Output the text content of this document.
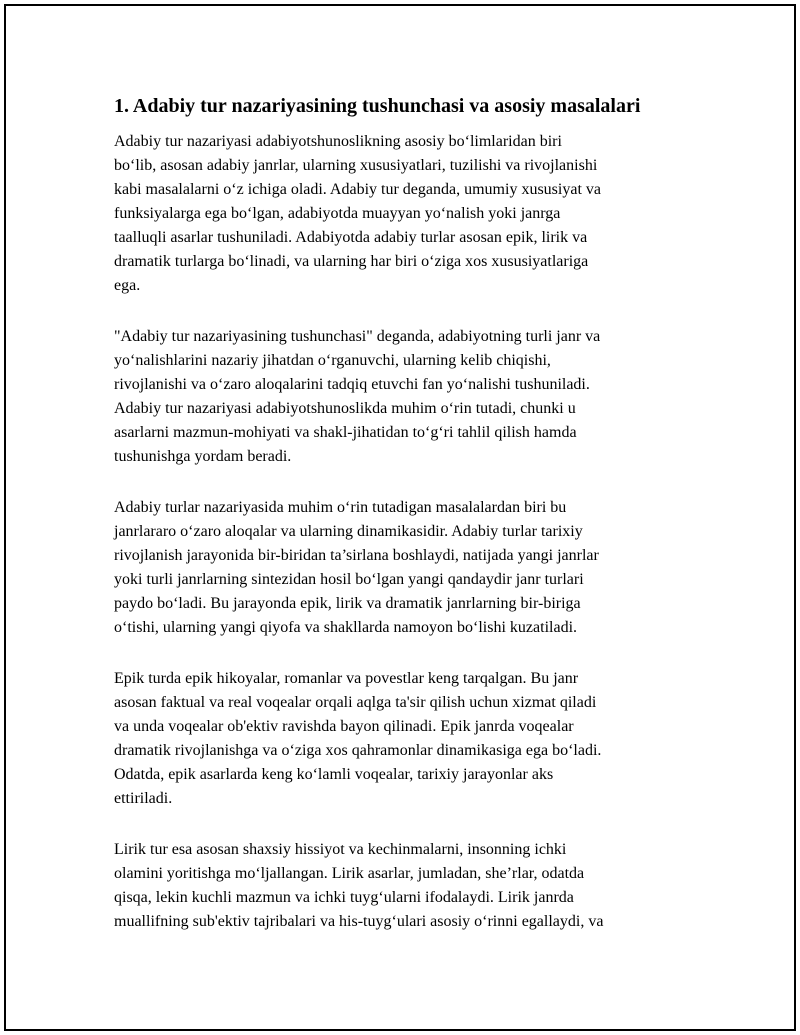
1. Adabiy tur nazariyasining tushunchasi va asosiy masalalari

Adabiy tur nazariyasi adabiyotshunoslikning asosiy bo‘limlaridan biri
bo‘lib, asosan adabiy janrlar, ularning xususiyatlari, tuzilishi va rivojlanishi
kabi masalalarni o‘z ichiga oladi. Adabiy tur deganda, umumiy xususiyat va
funksiyalarga ega bo‘lgan, adabiyotda muayyan yo‘nalish yoki janrga
taalluqli asarlar tushuniladi. Adabiyotda adabiy turlar asosan epik, lirik va
dramatik turlarga bo‘linadi, va ularning har biri o‘ziga xos xususiyatlariga
ega.

"Adabiy tur nazariyasining tushunchasi" deganda, adabiyotning turli janr va
yo‘nalishlarini nazariy jihatdan o‘rganuvchi, ularning kelib chiqishi,
rivojlanishi va o‘zaro aloqalarini tadqiq etuvchi fan yo‘nalishi tushuniladi.
Adabiy tur nazariyasi adabiyotshunoslikda muhim o‘rin tutadi, chunki u
asarlarni mazmun-mohiyati va shakl-jihatidan to‘g‘ri tahlil qilish hamda
tushunishga yordam beradi.

Adabiy turlar nazariyasida muhim o‘rin tutadigan masalalardan biri bu
janrlararo o‘zaro aloqalar va ularning dinamikasidir. Adabiy turlar tarixiy
rivojlanish jarayonida bir-biridan ta’sirlana boshlaydi, natijada yangi janrlar
yoki turli janrlarning sintezidan hosil bo‘lgan yangi qandaydir janr turlari
paydo bo‘ladi. Bu jarayonda epik, lirik va dramatik janrlarning bir-biriga
o‘tishi, ularning yangi qiyofa va shakllarda namoyon bo‘lishi kuzatiladi.

Epik turda epik hikoyalar, romanlar va povestlar keng tarqalgan. Bu janr
asosan faktual va real voqealar orqali aqlga ta'sir qilish uchun xizmat qiladi
va unda voqealar ob'ektiv ravishda bayon qilinadi. Epik janrda voqealar
dramatik rivojlanishga va o‘ziga xos qahramonlar dinamikasiga ega bo‘ladi.
Odatda, epik asarlarda keng ko‘lamli voqealar, tarixiy jarayonlar aks
ettiriladi.

Lirik tur esa asosan shaxsiy hissiyot va kechinmalarni, insonning ichki
olamini yoritishga mo‘ljallangan. Lirik asarlar, jumladan, she’rlar, odatda
qisqa, lekin kuchli mazmun va ichki tuyg‘ularni ifodalaydi. Lirik janrda
muallifning sub'ektiv tajribalari va his-tuyg‘ulari asosiy o‘rinni egallaydi, va
